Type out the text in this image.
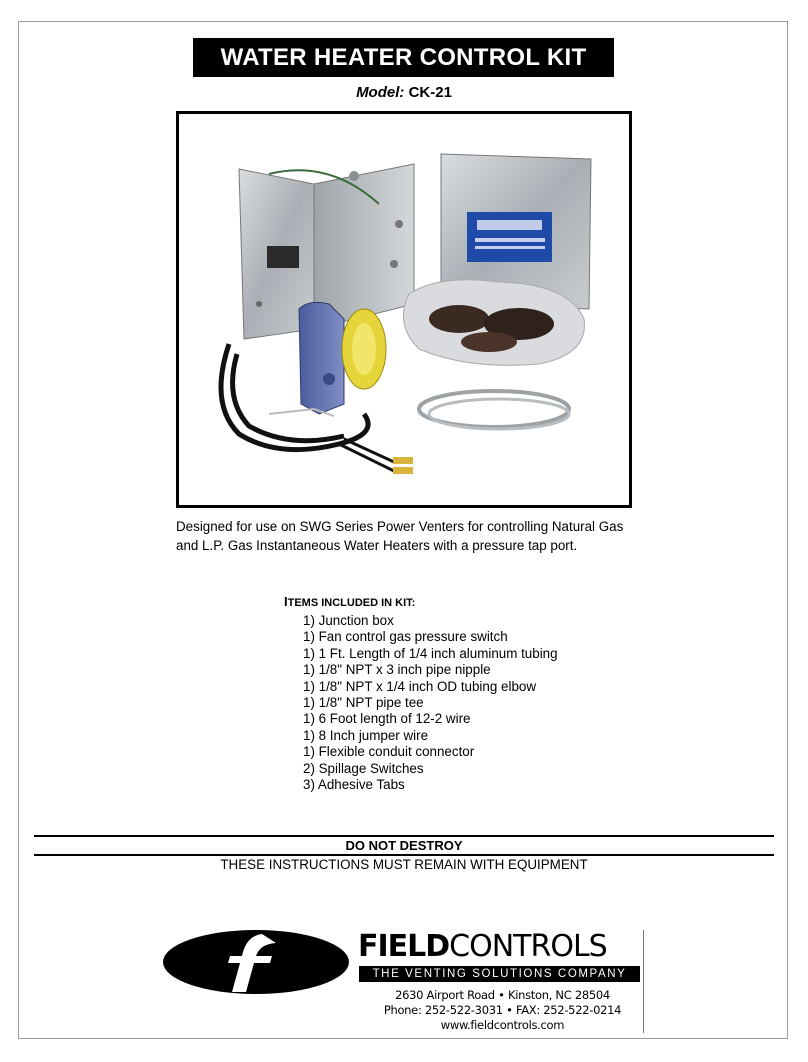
WATER HEATER CONTROL KIT
Model: CK-21
Designed for use on SWG Series Power Venters for controlling Natural Gas and L.P. Gas Instantaneous Water Heaters with a pressure tap port.
ITEMS INCLUDED IN KIT:
1) Junction box
1) Fan control gas pressure switch
1) 1 Ft. Length of 1/4 inch aluminum tubing
1) 1/8" NPT x 3 inch pipe nipple
1) 1/8" NPT x 1/4 inch OD tubing elbow
1) 1/8" NPT pipe tee
1) 6 Foot length of 12-2 wire
1) 8 Inch jumper wire
1) Flexible conduit connector
2) Spillage Switches
3) Adhesive Tabs
DO NOT DESTROY
THESE INSTRUCTIONS MUST REMAIN WITH EQUIPMENT
FIELDCONTROLS
THE VENTING SOLUTIONS COMPANY
2630 Airport Road • Kinston, NC 28504
Phone: 252-522-3031 • FAX: 252-522-0214
www.fieldcontrols.com
